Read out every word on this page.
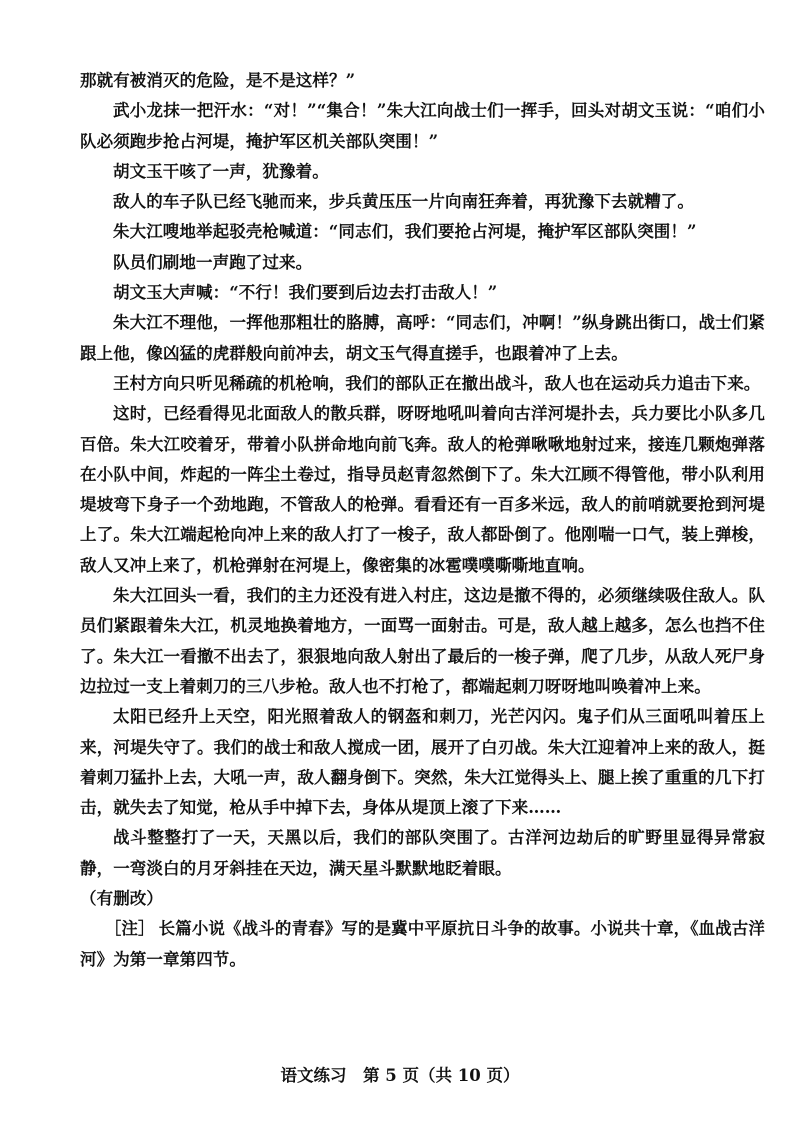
那就有被消灭的危险，是不是这样？”

武小龙抹一把汗水：“对！”“集合！”朱大江向战士们一挥手，回头对胡文玉说：“咱们小队必须跑步抢占河堤，掩护军区机关部队突围！”

胡文玉干咳了一声，犹豫着。

敌人的车子队已经飞驰而来，步兵黄压压一片向南狂奔着，再犹豫下去就糟了。

朱大江嗖地举起驳壳枪喊道：“同志们，我们要抢占河堤，掩护军区部队突围！”

队员们刷地一声跑了过来。

胡文玉大声喊：“不行！我们要到后边去打击敌人！”

朱大江不理他，一挥他那粗壮的胳膊，高呼：“同志们，冲啊！”纵身跳出街口，战士们紧跟上他，像凶猛的虎群般向前冲去，胡文玉气得直搓手，也跟着冲了上去。

王村方向只听见稀疏的机枪响，我们的部队正在撤出战斗，敌人也在运动兵力追击下来。

这时，已经看得见北面敌人的散兵群，呀呀地吼叫着向古洋河堤扑去，兵力要比小队多几百倍。朱大江咬着牙，带着小队拼命地向前飞奔。敌人的枪弹啾啾地射过来，接连几颗炮弹落在小队中间，炸起的一阵尘土卷过，指导员赵青忽然倒下了。朱大江顾不得管他，带小队利用堤坡弯下身子一个劲地跑，不管敌人的枪弹。看看还有一百多米远，敌人的前哨就要抢到河堤上了。朱大江端起枪向冲上来的敌人打了一梭子，敌人都卧倒了。他刚喘一口气，装上弹梭，敌人又冲上来了，机枪弹射在河堤上，像密集的冰雹噗噗嘶嘶地直响。

朱大江回头一看，我们的主力还没有进入村庄，这边是撤不得的，必须继续吸住敌人。队员们紧跟着朱大江，机灵地换着地方，一面骂一面射击。可是，敌人越上越多，怎么也挡不住了。朱大江一看撤不出去了，狠狠地向敌人射出了最后的一梭子弹，爬了几步，从敌人死尸身边拉过一支上着刺刀的三八步枪。敌人也不打枪了，都端起刺刀呀呀地叫唤着冲上来。

太阳已经升上天空，阳光照着敌人的钢盔和刺刀，光芒闪闪。鬼子们从三面吼叫着压上来，河堤失守了。我们的战士和敌人搅成一团，展开了白刃战。朱大江迎着冲上来的敌人，挺着刺刀猛扑上去，大吼一声，敌人翻身倒下。突然，朱大江觉得头上、腿上挨了重重的几下打击，就失去了知觉，枪从手中掉下去，身体从堤顶上滚了下来……

战斗整整打了一天，天黑以后，我们的部队突围了。古洋河边劫后的旷野里显得异常寂静，一弯淡白的月牙斜挂在天边，满天星斗默默地眨着眼。

（有删改）

［注］ 长篇小说《战斗的青春》写的是冀中平原抗日斗争的故事。小说共十章，《血战古洋河》为第一章第四节。

语文练习　第 5 页（共 10 页）
